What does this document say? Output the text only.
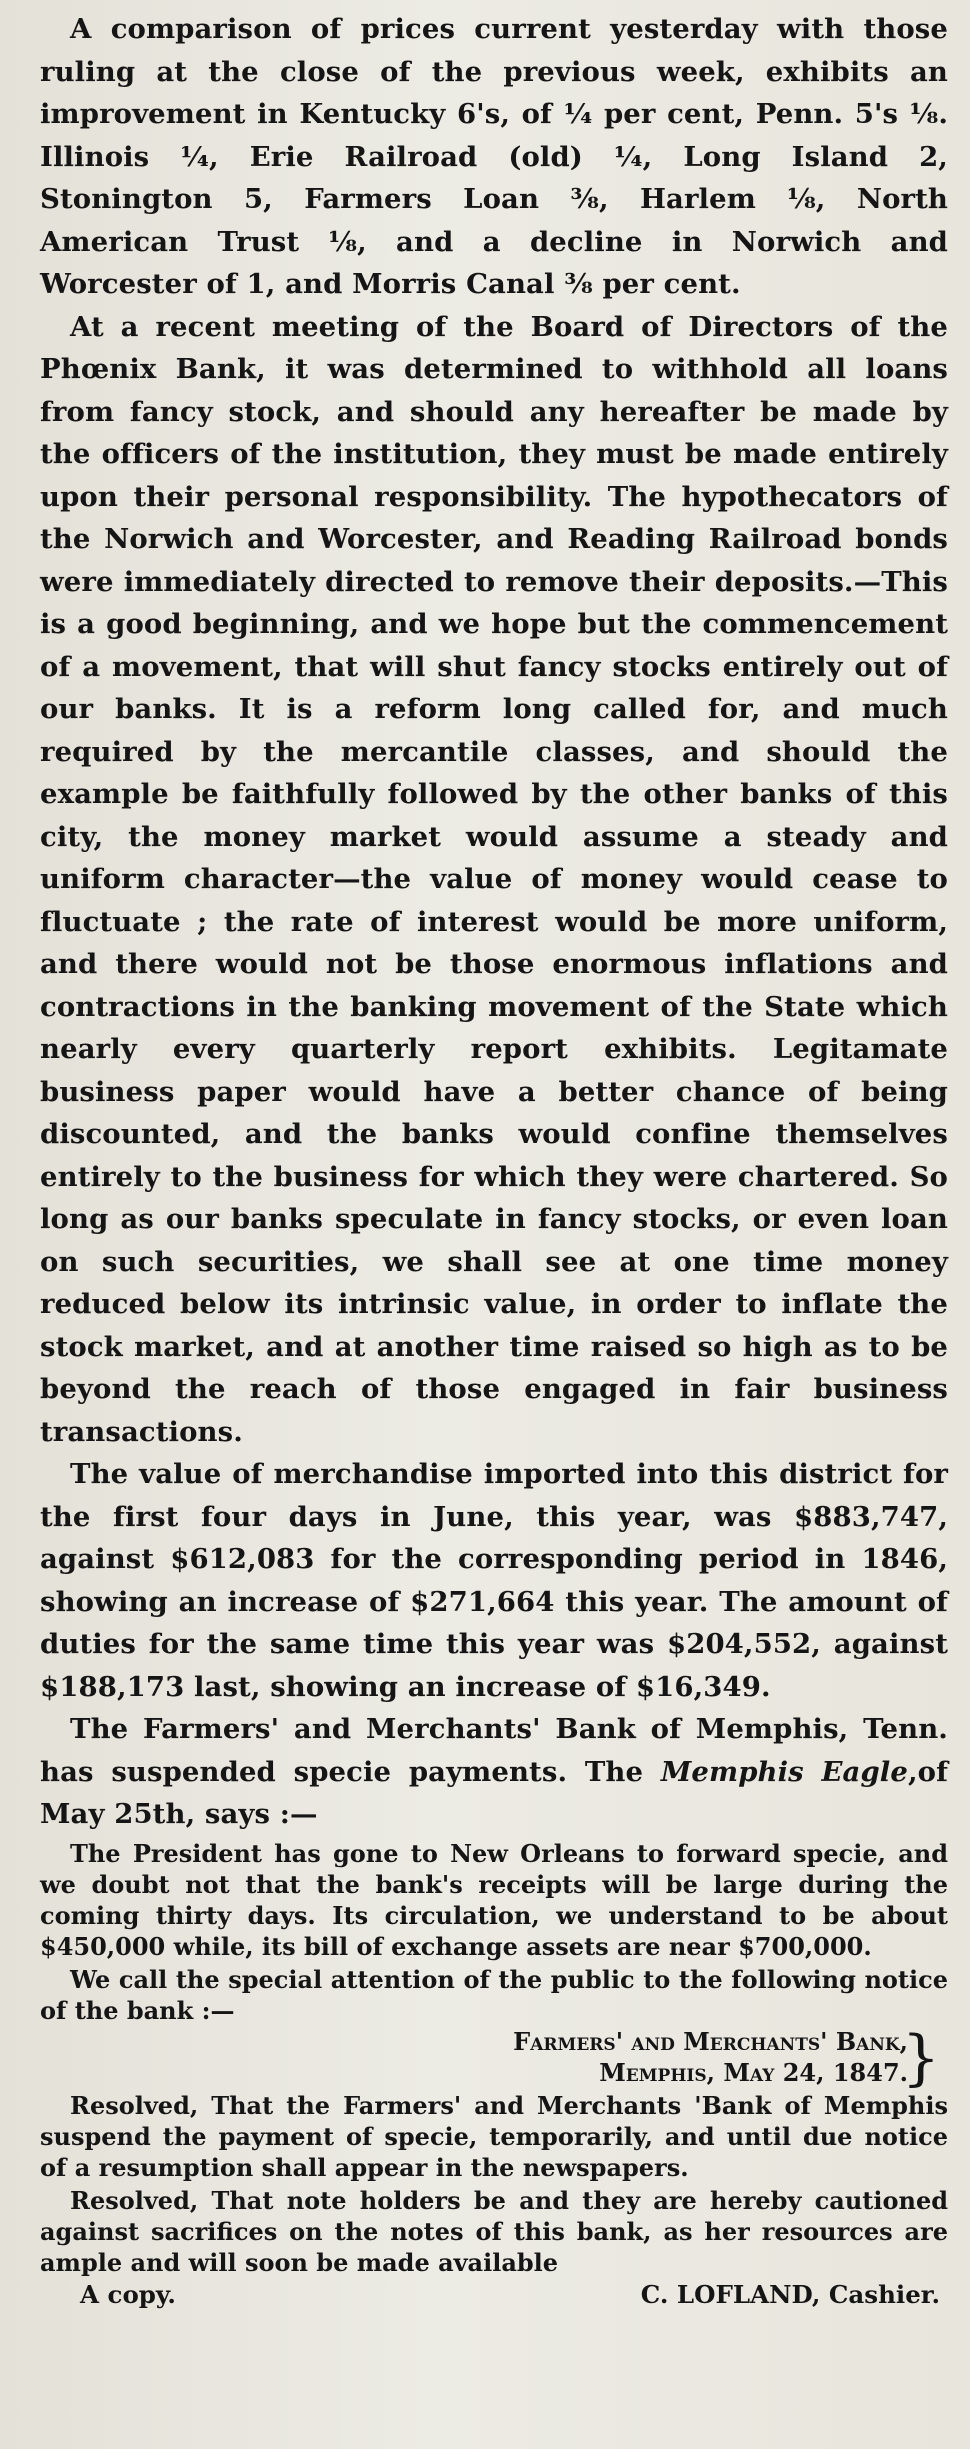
A comparison of prices current yesterday with those ruling at the close of the previous week, exhibits an improvement in Kentucky 6's, of ¼ per cent, Penn. 5's ⅛. Illinois ¼, Erie Railroad (old) ¼, Long Island 2, Stonington 5, Farmers Loan ⅜, Harlem ⅛, North American Trust ⅛, and a decline in Norwich and Worcester of 1, and Morris Canal ⅜ per cent.

At a recent meeting of the Board of Directors of the Phœnix Bank, it was determined to withhold all loans from fancy stock, and should any hereafter be made by the officers of the institution, they must be made entirely upon their personal responsibility. The hypothecators of the Norwich and Worcester, and Reading Railroad bonds were immediately directed to remove their deposits.—This is a good beginning, and we hope but the commencement of a movement, that will shut fancy stocks entirely out of our banks. It is a reform long called for, and much required by the mercantile classes, and should the example be faithfully followed by the other banks of this city, the money market would assume a steady and uniform character—the value of money would cease to fluctuate ; the rate of interest would be more uniform, and there would not be those enormous inflations and contractions in the banking movement of the State which nearly every quarterly report exhibits. Legitamate business paper would have a better chance of being discounted, and the banks would confine themselves entirely to the business for which they were chartered. So long as our banks speculate in fancy stocks, or even loan on such securities, we shall see at one time money reduced below its intrinsic value, in order to inflate the stock market, and at another time raised so high as to be beyond the reach of those engaged in fair business transactions.

The value of merchandise imported into this district for the first four days in June, this year, was $883,747, against $612,083 for the corresponding period in 1846, showing an increase of $271,664 this year. The amount of duties for the same time this year was $204,552, against $188,173 last, showing an increase of $16,349.

The Farmers' and Merchants' Bank of Memphis, Tenn. has suspended specie payments. The Memphis Eagle,of May 25th, says :—

The President has gone to New Orleans to forward specie, and we doubt not that the bank's receipts will be large during the coming thirty days. Its circulation, we understand to be about $450,000 while, its bill of exchange assets are near $700,000.

We call the special attention of the public to the following notice of the bank :—

Farmers' and Merchants' Bank,
Memphis, May 24, 1847.
}

Resolved, That the Farmers' and Merchants 'Bank of Memphis suspend the payment of specie, temporarily, and until due notice of a resumption shall appear in the newspapers.

Resolved, That note holders be and they are hereby cautioned against sacrifices on the notes of this bank, as her resources are ample and will soon be made available

A copy.	C. LOFLAND, Cashier.
